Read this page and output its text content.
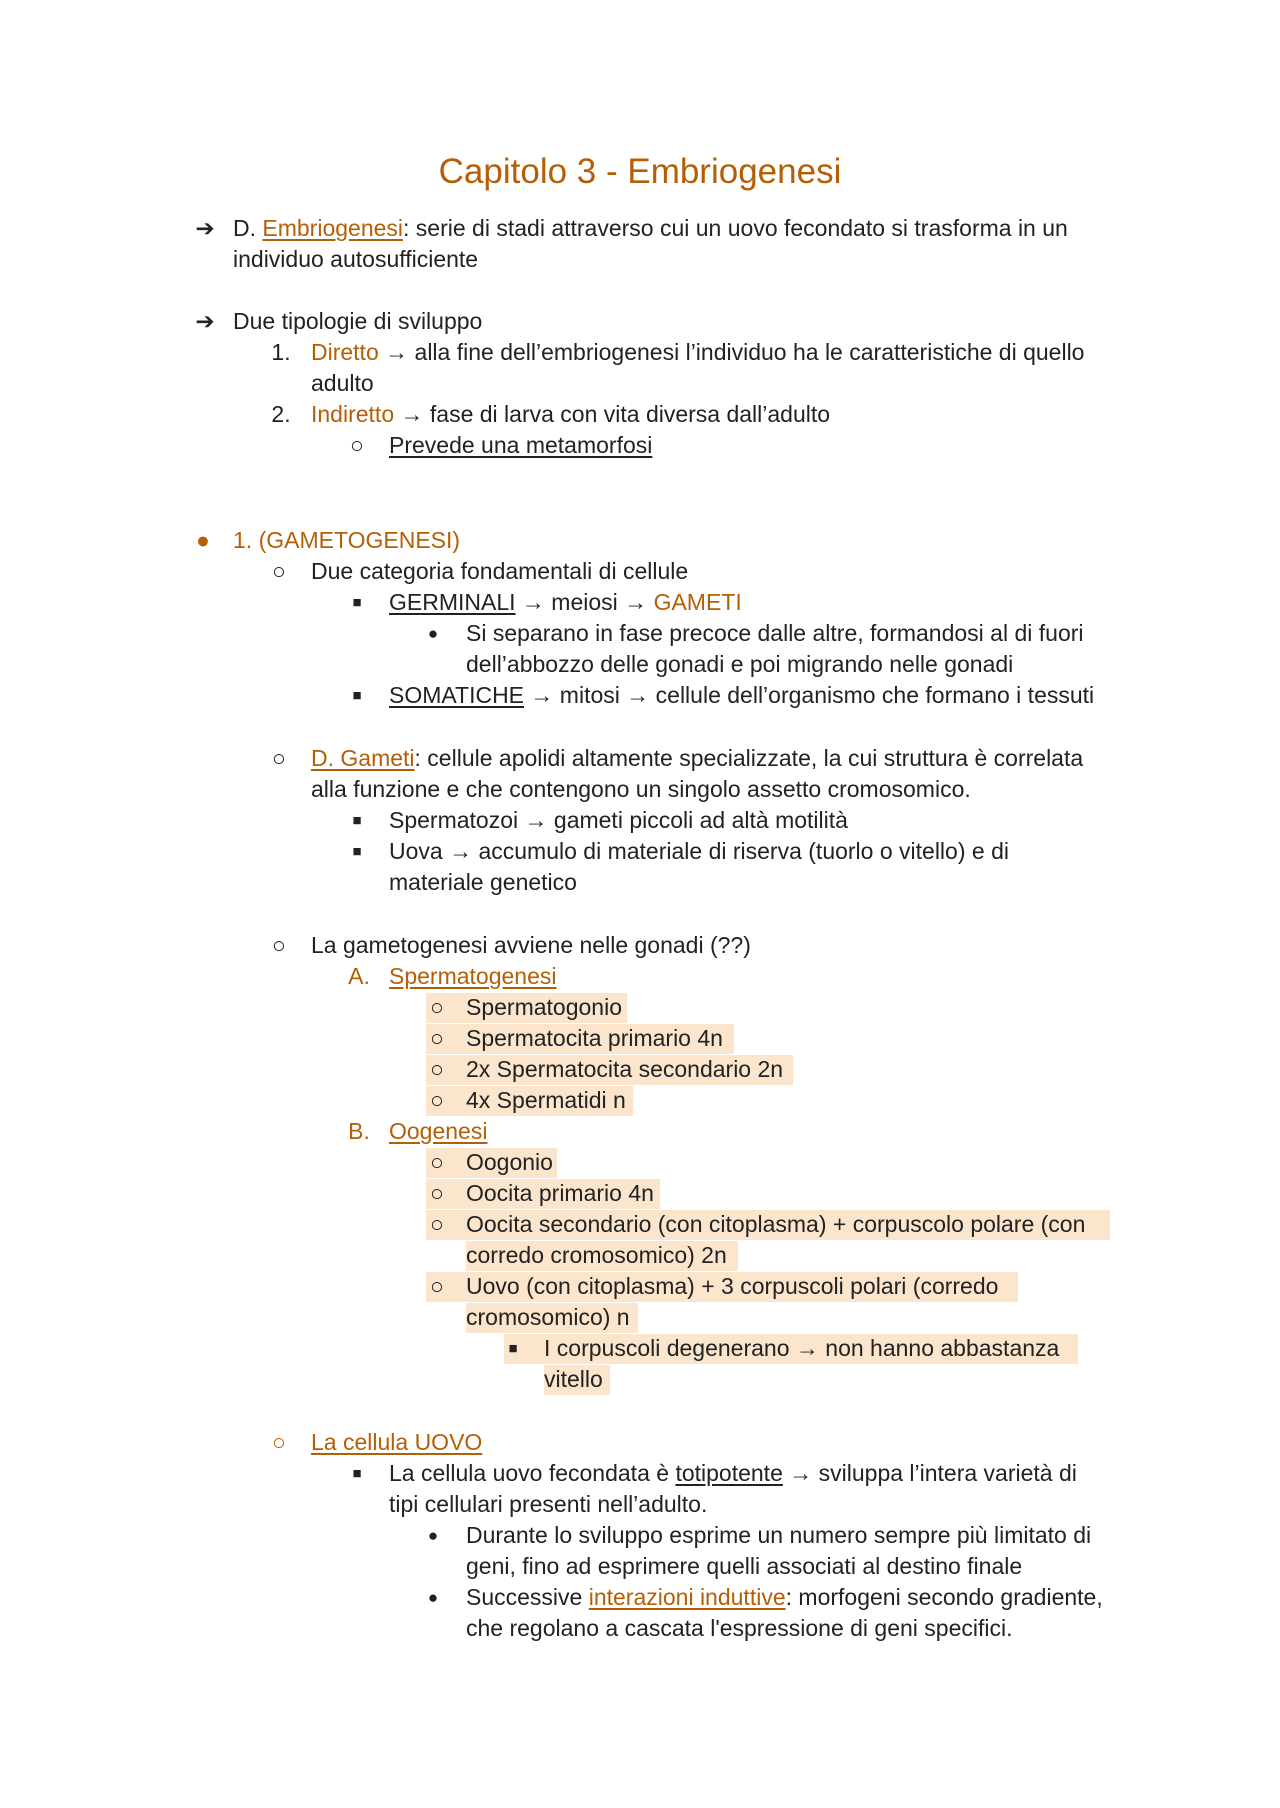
Capitolo 3 - Embriogenesi
➔ D. Embriogenesi: serie di stadi attraverso cui un uovo fecondato si trasforma in un
individuo autosufficiente
➔ Due tipologie di sviluppo
1. Diretto → alla fine dell’embriogenesi l’individuo ha le caratteristiche di quello
adulto
2. Indiretto → fase di larva con vita diversa dall’adulto
○ Prevede una metamorfosi
● 1. (GAMETOGENESI)
○ Due categoria fondamentali di cellule
■ GERMINALI → meiosi → GAMETI
● Si separano in fase precoce dalle altre, formandosi al di fuori
dell’abbozzo delle gonadi e poi migrando nelle gonadi
■ SOMATICHE → mitosi → cellule dell’organismo che formano i tessuti
○ D. Gameti: cellule apolidi altamente specializzate, la cui struttura è correlata
alla funzione e che contengono un singolo assetto cromosomico.
■ Spermatozoi → gameti piccoli ad altà motilità
■ Uova → accumulo di materiale di riserva (tuorlo o vitello) e di
materiale genetico
○ La gametogenesi avviene nelle gonadi (??)
A. Spermatogenesi
○ Spermatogonio
○ Spermatocita primario 4n
○ 2x Spermatocita secondario 2n
○ 4x Spermatidi n
B. Oogenesi
○ Oogonio
○ Oocita primario 4n
○ Oocita secondario (con citoplasma) + corpuscolo polare (con
corredo cromosomico) 2n
○ Uovo (con citoplasma) + 3 corpuscoli polari (corredo
cromosomico) n
■ I corpuscoli degenerano → non hanno abbastanza
vitello
○ La cellula UOVO
■ La cellula uovo fecondata è totipotente → sviluppa l’intera varietà di
tipi cellulari presenti nell’adulto.
● Durante lo sviluppo esprime un numero sempre più limitato di
geni, fino ad esprimere quelli associati al destino finale
● Successive interazioni induttive: morfogeni secondo gradiente,
che regolano a cascata l'espressione di geni specifici.
